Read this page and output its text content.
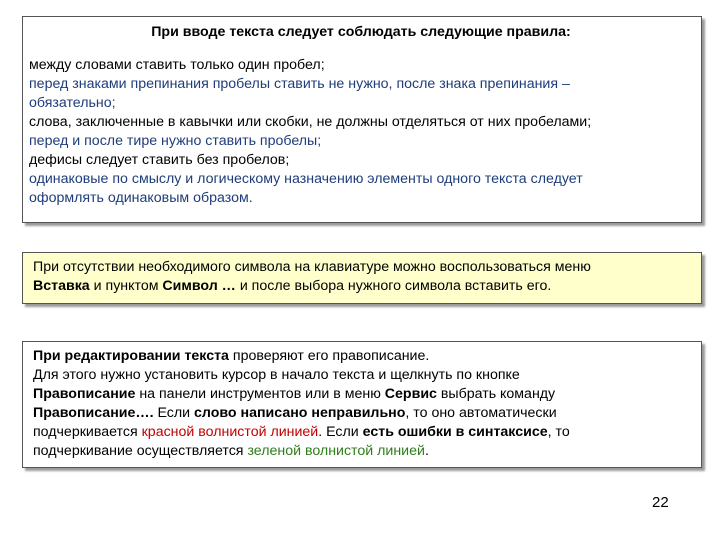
При вводе текста следует соблюдать следующие правила:

между словами ставить только один пробел;

перед знаками препинания пробелы ставить не нужно, после знака препинания –

обязательно;

слова, заключенные в кавычки или скобки, не должны отделяться от них пробелами;

перед и после тире нужно ставить пробелы;

дефисы следует ставить без пробелов;

одинаковые по смыслу и логическому назначению элементы одного текста следует

оформлять одинаковым образом.

При отсутствии необходимого символа на клавиатуре можно воспользоваться меню

Вставка и пунктом Символ … и после выбора нужного символа вставить его.

При редактировании текста проверяют его правописание.

Для этого нужно установить курсор в начало текста и щелкнуть по кнопке

Правописание на панели инструментов или в меню Сервис выбрать команду

Правописание…. Если слово написано неправильно, то оно автоматически

подчеркивается красной волнистой линией. Если есть ошибки в синтаксисе, то

подчеркивание осуществляется зеленой волнистой линией.

22
